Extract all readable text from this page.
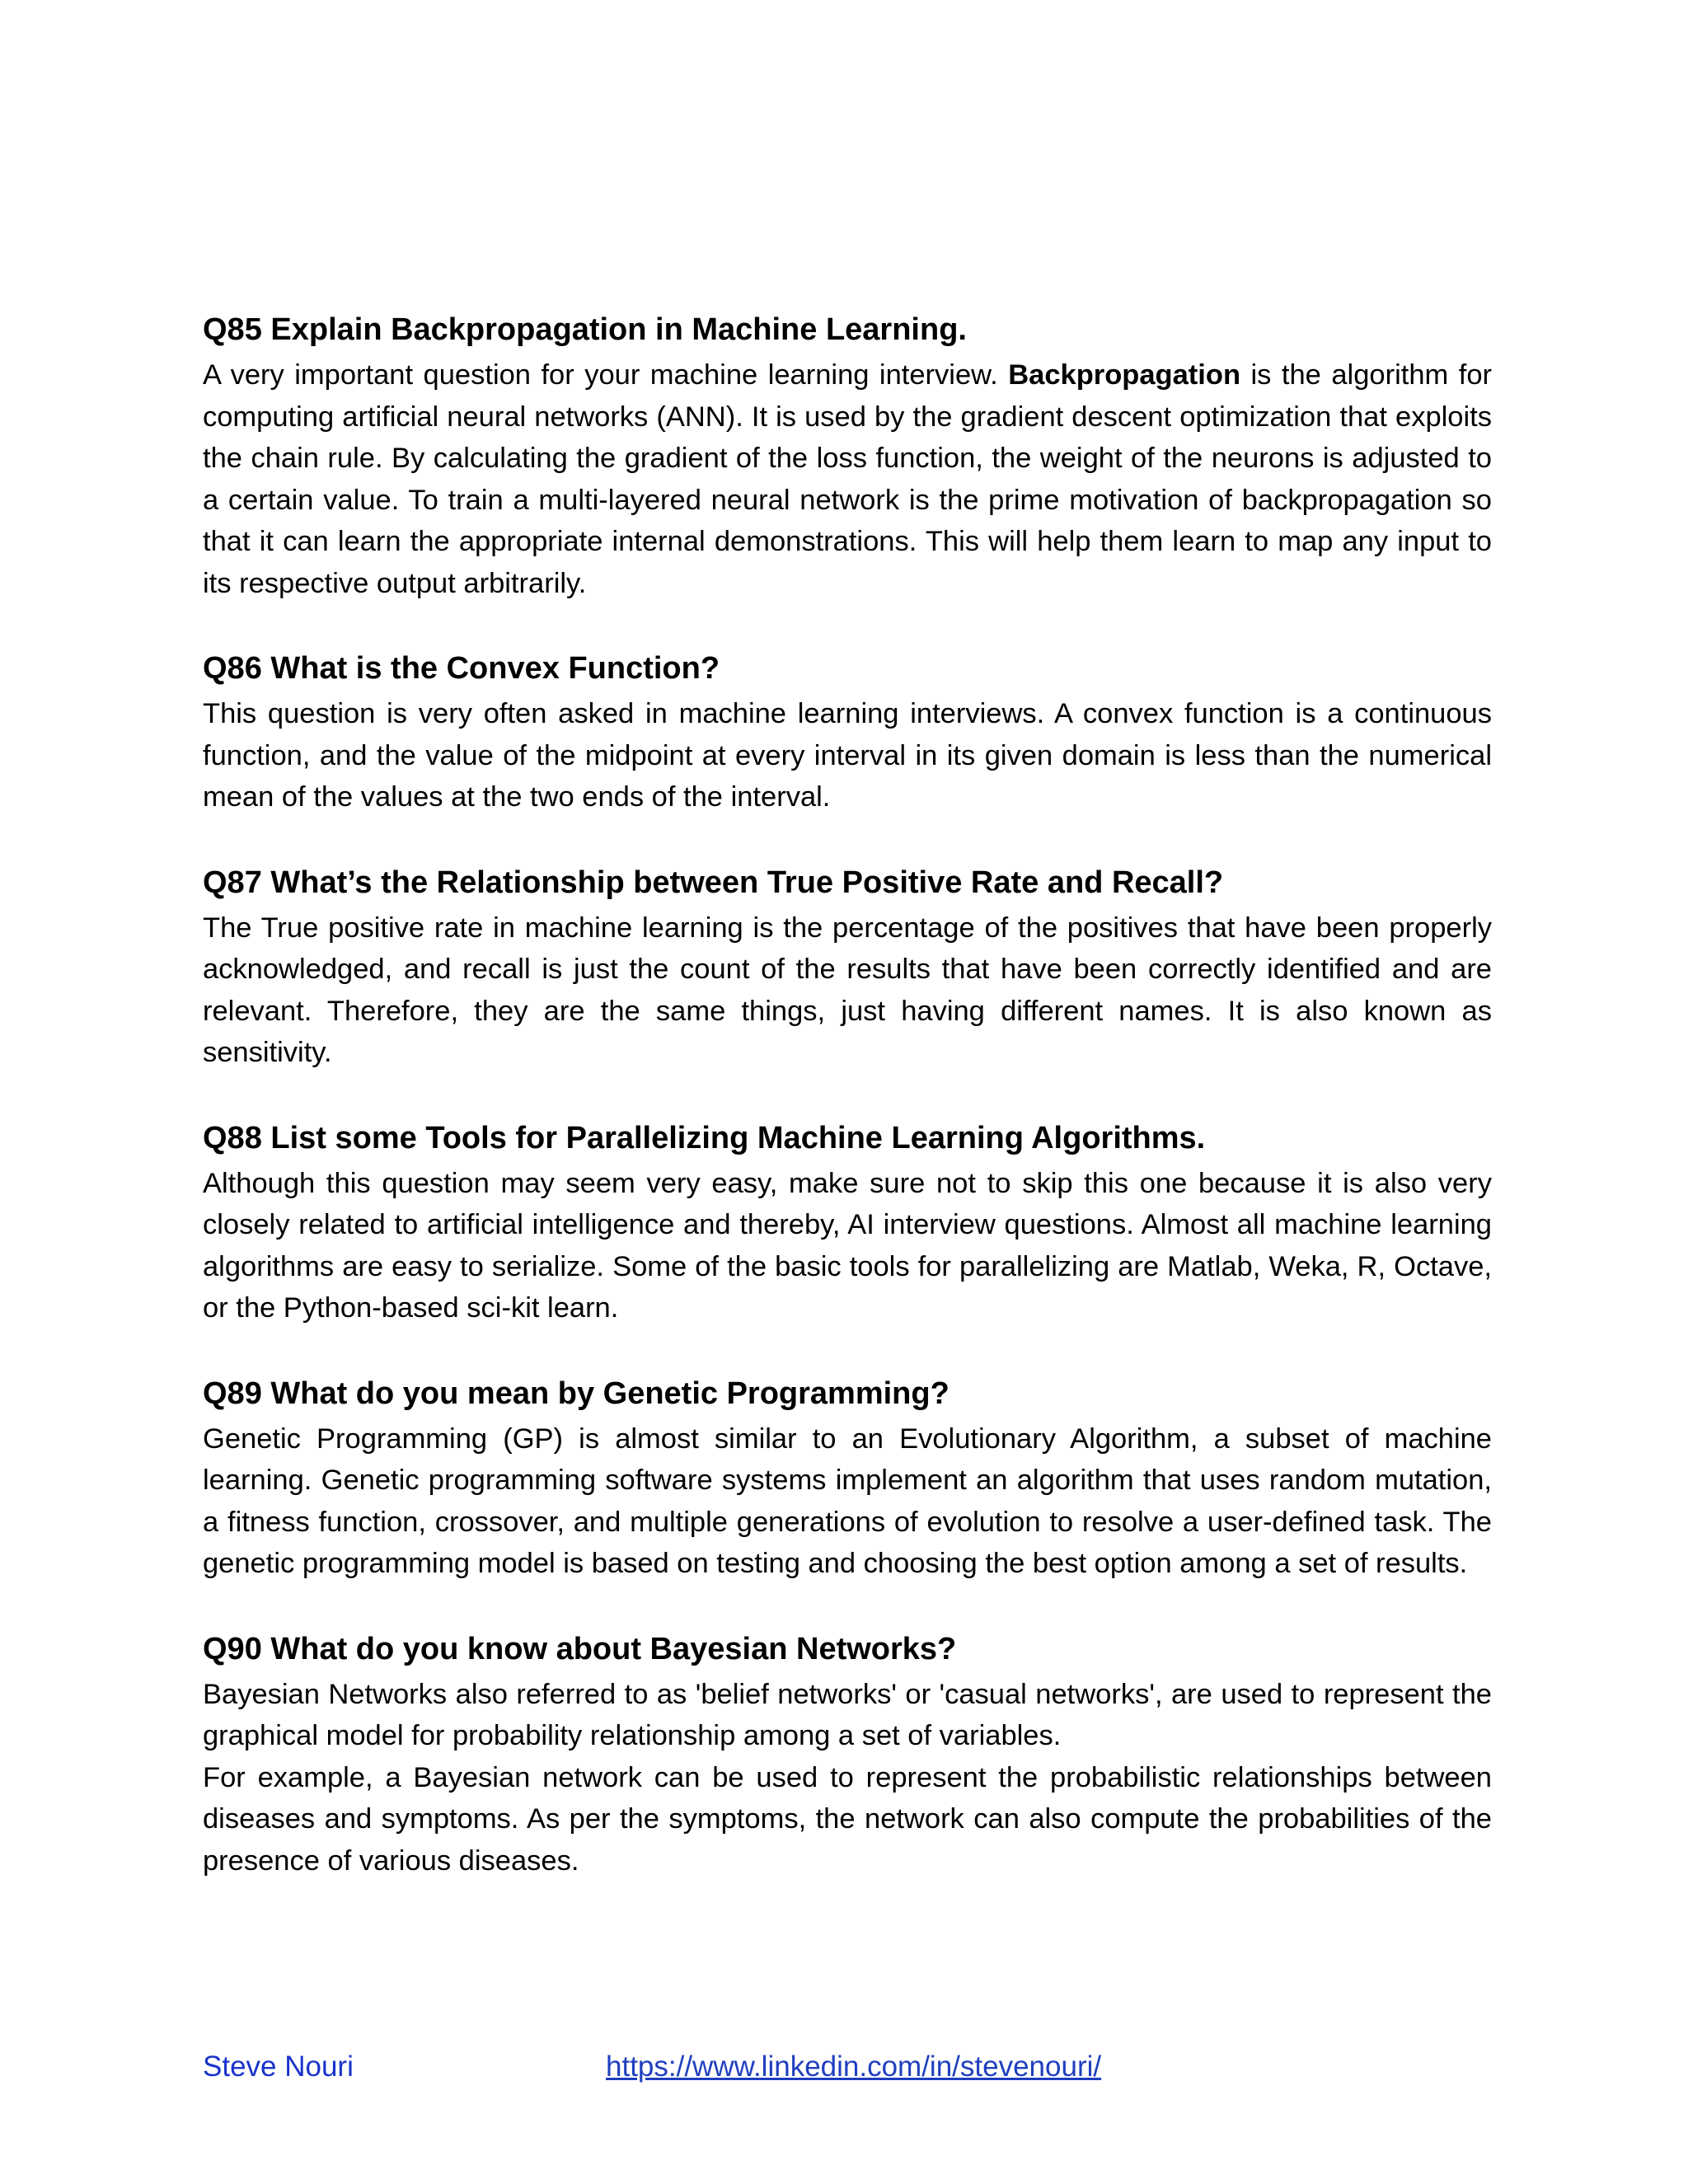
Q85 Explain Backpropagation in Machine Learning.

A very important question for your machine learning interview. Backpropagation is the algorithm for computing artificial neural networks (ANN). It is used by the gradient descent optimization that exploits the chain rule. By calculating the gradient of the loss function, the weight of the neurons is adjusted to a certain value. To train a multi-layered neural network is the prime motivation of backpropagation so that it can learn the appropriate internal demonstrations. This will help them learn to map any input to its respective output arbitrarily.

Q86 What is the Convex Function?

This question is very often asked in machine learning interviews. A convex function is a continuous function, and the value of the midpoint at every interval in its given domain is less than the numerical mean of the values at the two ends of the interval.

Q87 What’s the Relationship between True Positive Rate and Recall?

The True positive rate in machine learning is the percentage of the positives that have been properly acknowledged, and recall is just the count of the results that have been correctly identified and are relevant. Therefore, they are the same things, just having different names. It is also known as sensitivity.

Q88 List some Tools for Parallelizing Machine Learning Algorithms.

Although this question may seem very easy, make sure not to skip this one because it is also very closely related to artificial intelligence and thereby, AI interview questions. Almost all machine learning algorithms are easy to serialize. Some of the basic tools for parallelizing are Matlab, Weka, R, Octave, or the Python-based sci-kit learn.

Q89 What do you mean by Genetic Programming?

Genetic Programming (GP) is almost similar to an Evolutionary Algorithm, a subset of machine learning. Genetic programming software systems implement an algorithm that uses random mutation, a fitness function, crossover, and multiple generations of evolution to resolve a user-defined task. The genetic programming model is based on testing and choosing the best option among a set of results.

Q90 What do you know about Bayesian Networks?

Bayesian Networks also referred to as 'belief networks' or 'casual networks', are used to represent the graphical model for probability relationship among a set of variables.

For example, a Bayesian network can be used to represent the probabilistic relationships between diseases and symptoms. As per the symptoms, the network can also compute the probabilities of the presence of various diseases.

Steve Nouri	https://www.linkedin.com/in/stevenouri/
